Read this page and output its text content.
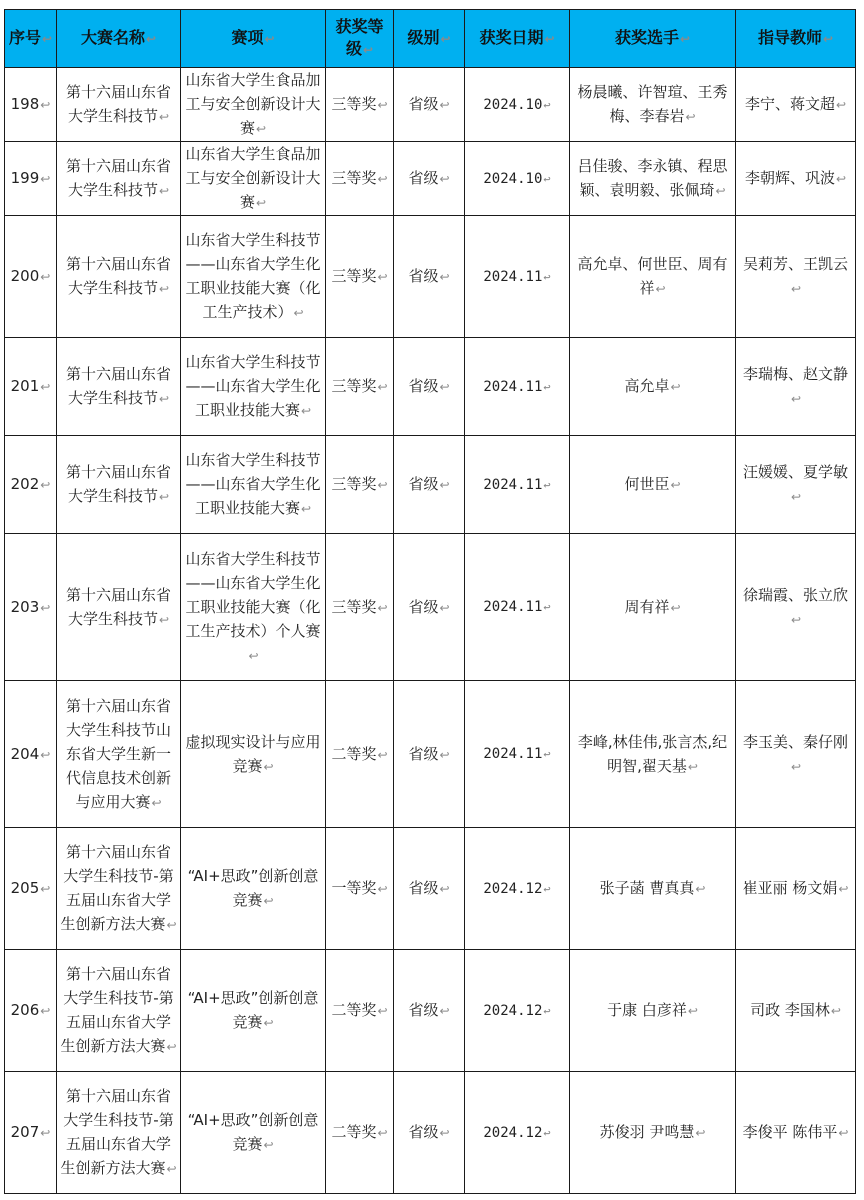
序号↩	大赛名称↩	赛项↩	获奖等级↩	级别↩	获奖日期↩	获奖选手↩	指导教师↩
198↩	第十六届山东省大学生科技节↩	山东省大学生食品加工与安全创新设计大赛↩	三等奖↩	省级↩	2024.10↩	杨晨曦、许智瑄、王秀梅、李春岩↩	李宁、蒋文超↩
199↩	第十六届山东省大学生科技节↩	山东省大学生食品加工与安全创新设计大赛↩	三等奖↩	省级↩	2024.10↩	吕佳骏、李永镇、程思颖、袁明毅、张佩琦↩	李朝辉、巩波↩
200↩	第十六届山东省大学生科技节↩	山东省大学生科技节——山东省大学生化工职业技能大赛（化工生产技术）↩	三等奖↩	省级↩	2024.11↩	高允卓、何世臣、周有祥↩	吴莉芳、王凯云↩
201↩	第十六届山东省大学生科技节↩	山东省大学生科技节——山东省大学生化工职业技能大赛↩	三等奖↩	省级↩	2024.11↩	高允卓↩	李瑞梅、赵文静↩
202↩	第十六届山东省大学生科技节↩	山东省大学生科技节——山东省大学生化工职业技能大赛↩	三等奖↩	省级↩	2024.11↩	何世臣↩	汪媛媛、夏学敏↩
203↩	第十六届山东省大学生科技节↩	山东省大学生科技节——山东省大学生化工职业技能大赛（化工生产技术）个人赛↩	三等奖↩	省级↩	2024.11↩	周有祥↩	徐瑞霞、张立欣↩
204↩	第十六届山东省大学生科技节山东省大学生新一代信息技术创新与应用大赛↩	虚拟现实设计与应用竞赛↩	二等奖↩	省级↩	2024.11↩	李峰,林佳伟,张言杰,纪明智,翟天基↩	李玉美、秦仔刚↩
205↩	第十六届山东省大学生科技节-第五届山东省大学生创新方法大赛↩	“AI+思政”创新创意竞赛↩	一等奖↩	省级↩	2024.12↩	张子菡 曹真真↩	崔亚丽 杨文娟↩
206↩	第十六届山东省大学生科技节-第五届山东省大学生创新方法大赛↩	“AI+思政”创新创意竞赛↩	二等奖↩	省级↩	2024.12↩	于康 白彦祥↩	司政 李国林↩
207↩	第十六届山东省大学生科技节-第五届山东省大学生创新方法大赛↩	“AI+思政”创新创意竞赛↩	二等奖↩	省级↩	2024.12↩	苏俊羽 尹鸣慧↩	李俊平 陈伟平↩
